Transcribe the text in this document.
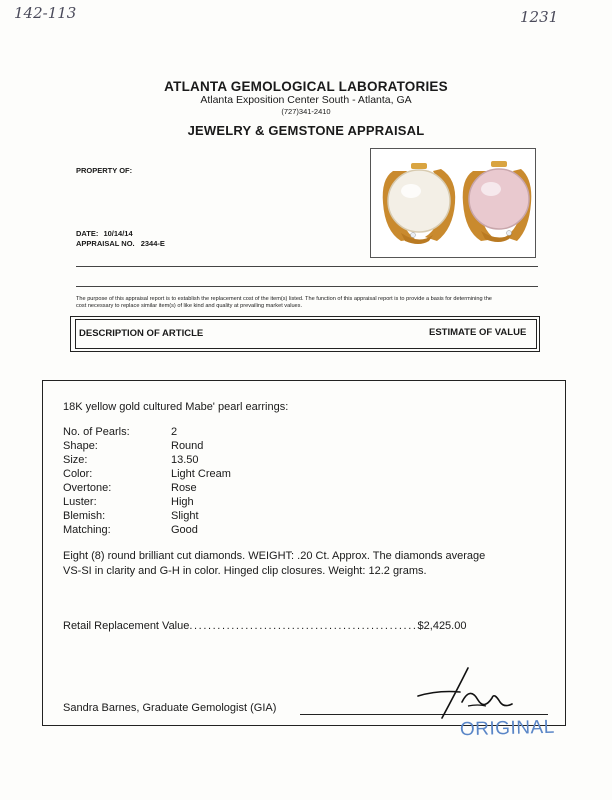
142-113	1231
ATLANTA GEMOLOGICAL LABORATORIES
Atlanta Exposition Center South - Atlanta, GA
(727)341-2410
JEWELRY & GEMSTONE APPRAISAL
PROPERTY OF:
DATE: 10/14/14
APPRAISAL NO. 2344-E
The purpose of this appraisal report is to establish the replacement cost of the item(s) listed. The function of this appraisal report is to provide a basis for determining the
cost necessary to replace similar item(s) of like kind and quality at prevailing market values.
DESCRIPTION OF ARTICLE	ESTIMATE OF VALUE
18K yellow gold cultured Mabe' pearl earrings:
No. of Pearls:	2
Shape:	Round
Size:	13.50
Color:	Light Cream
Overtone:	Rose
Luster:	High
Blemish:	Slight
Matching:	Good
Eight (8) round brilliant cut diamonds. WEIGHT: .20 Ct. Approx. The diamonds average
VS-SI in clarity and G-H in color. Hinged clip closures. Weight: 12.2 grams.
Retail Replacement Value.................................................$2,425.00
Sandra Barnes, Graduate Gemologist (GIA)
ORIGINAL
